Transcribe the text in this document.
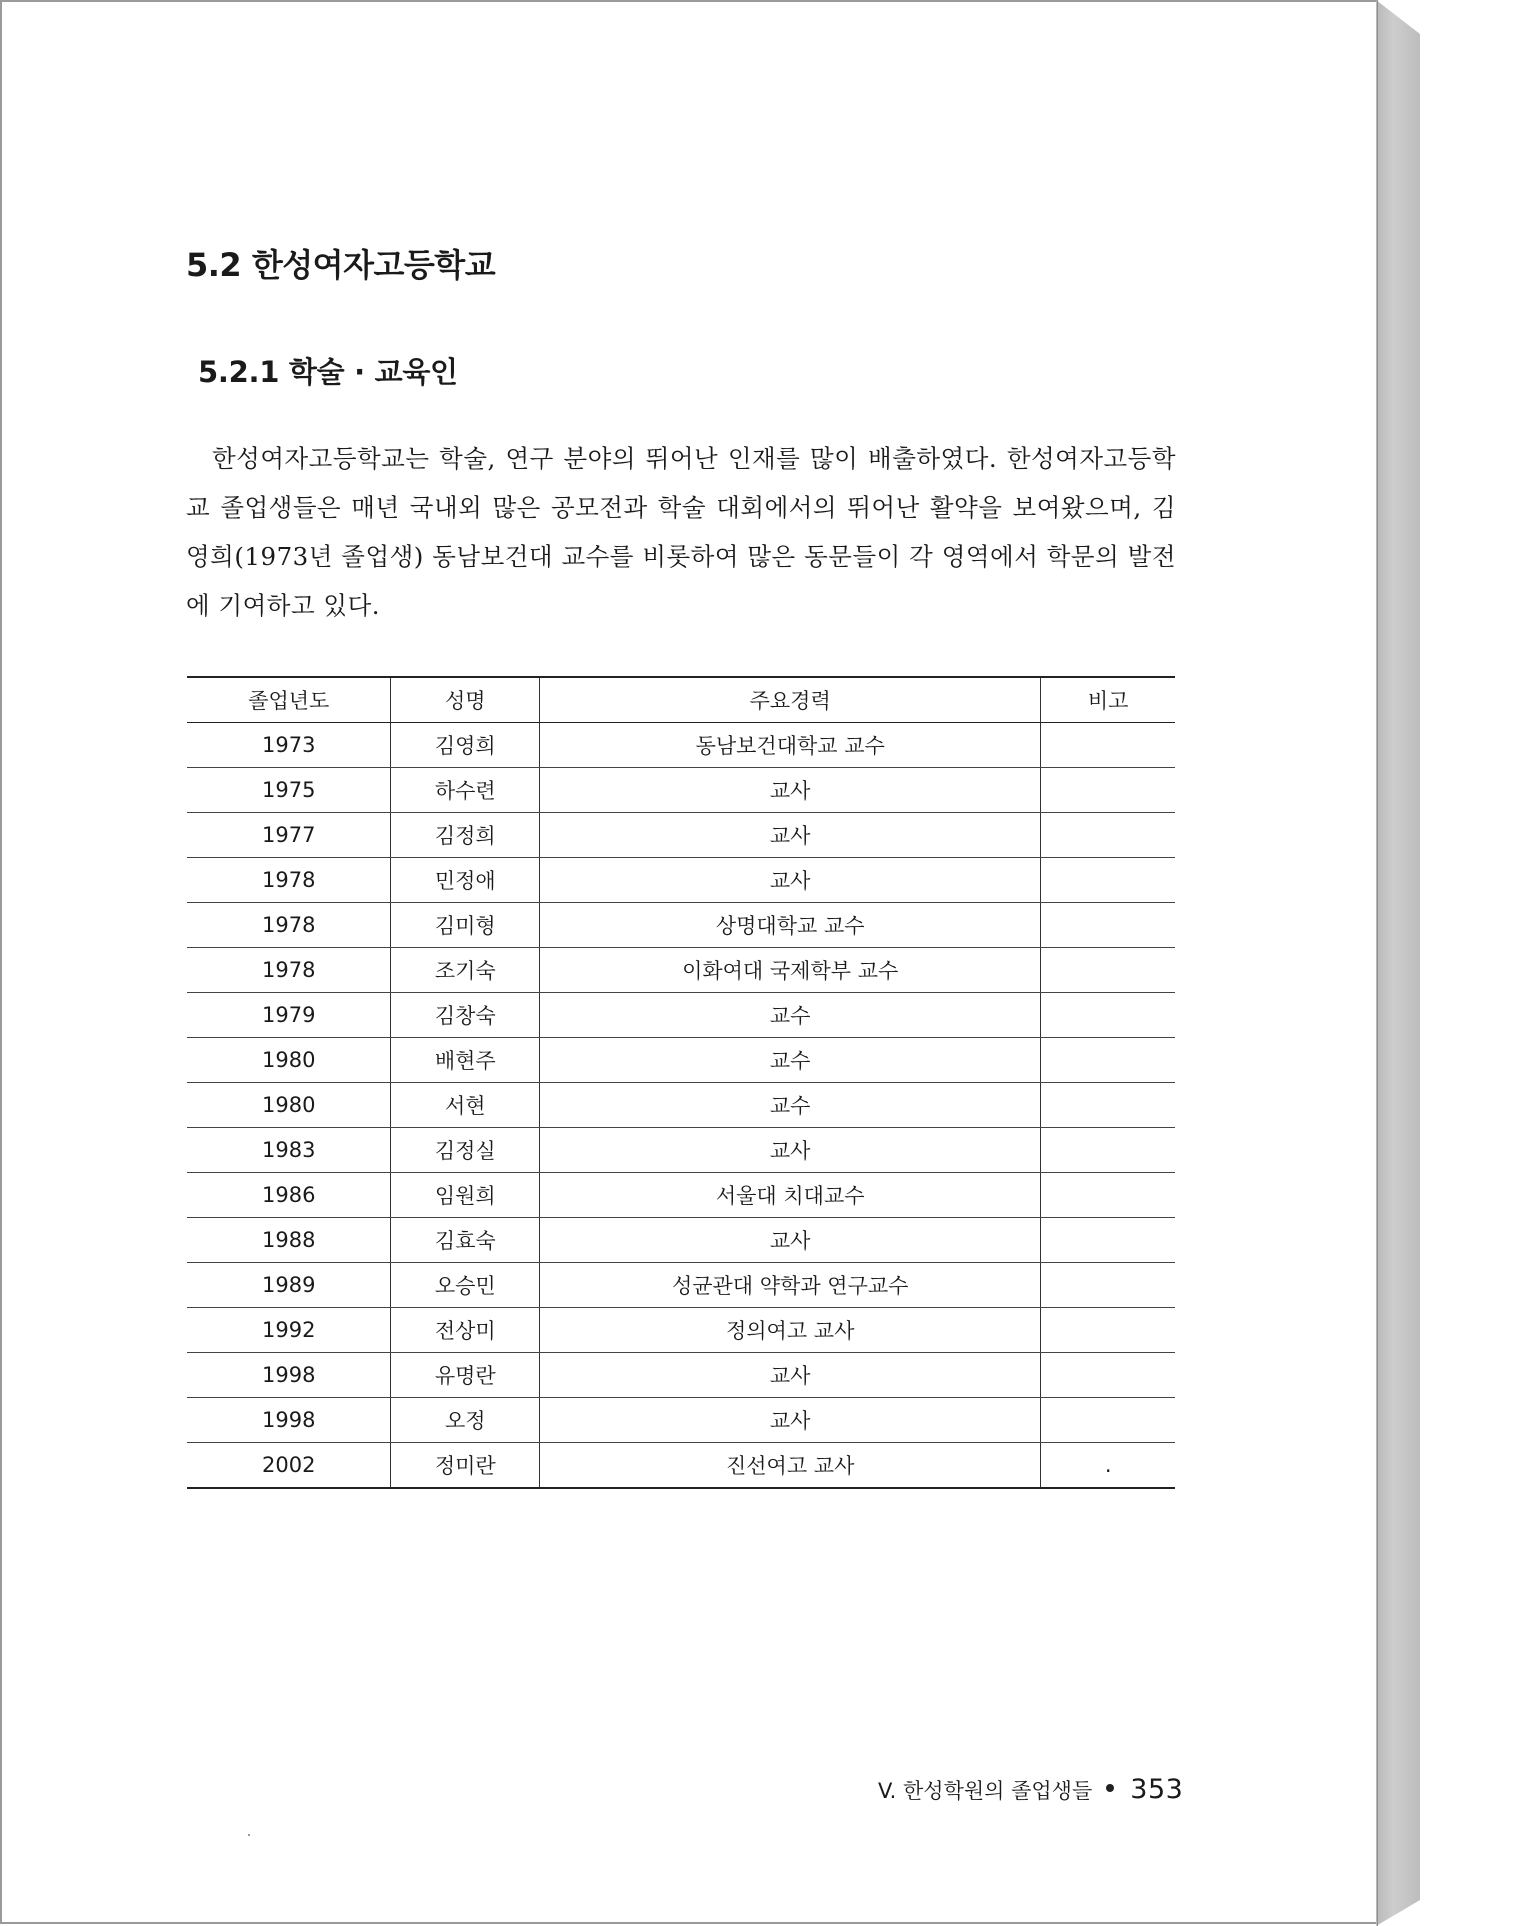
5.2 한성여자고등학교
5.2.1 학술 · 교육인

한성여자고등학교는 학술, 연구 분야의 뛰어난 인재를 많이 배출하였다. 한성여자고등학교 졸업생들은 매년 국내외 많은 공모전과 학술 대회에서의 뛰어난 활약을 보여왔으며, 김영희(1973년 졸업생) 동남보건대 교수를 비롯하여 많은 동문들이 각 영역에서 학문의 발전에 기여하고 있다.

졸업년도	성명	주요경력	비고
1973	김영희	동남보건대학교 교수	
1975	하수련	교사	
1977	김정희	교사	
1978	민정애	교사	
1978	김미형	상명대학교 교수	
1978	조기숙	이화여대 국제학부 교수	
1979	김창숙	교수	
1980	배현주	교수	
1980	서현	교수	
1983	김정실	교사	
1986	임원희	서울대 치대교수	
1988	김효숙	교사	
1989	오승민	성균관대 약학과 연구교수	
1992	전상미	정의여고 교사	
1998	유명란	교사	
1998	오정	교사	
2002	정미란	진선여고 교사	.
V. 한성학원의 졸업생들 353
